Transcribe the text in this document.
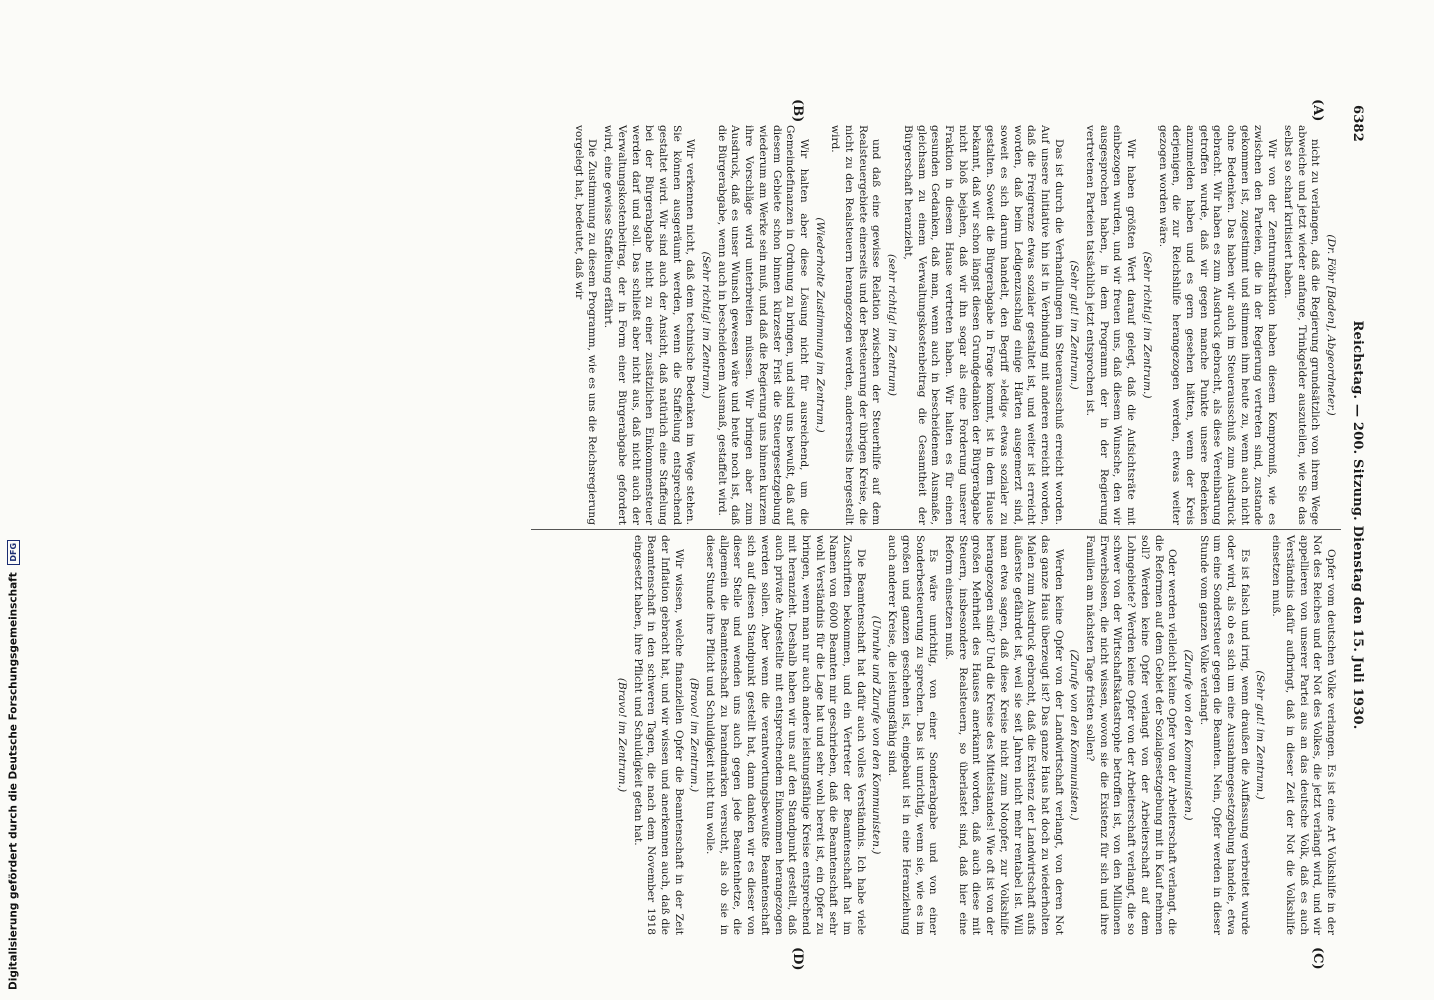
6382
Reichstag. — 200. Sitzung. Dienstag den 15. Juli 1930.
(A)
(B)
(C)
(D)

(Dr. Föhr [Baden], Abgeordneter.)

nicht zu verlangen, daß die Regierung grundsätzlich von ihrem Wege abweiche und jetzt wieder anfange, Trinkgelder auszuteilen, wie Sie das selbst so scharf kritisiert haben.

Wir von der Zentrumsfraktion haben diesem Kompromiß, wie es zwischen den Parteien, die in der Regierung vertreten sind, zustande gekommen ist, zugestimmt und stimmen ihm heute zu, wenn auch nicht ohne Bedenken. Das haben wir auch im Steuerausschuß zum Ausdruck gebracht. Wir haben es zum Ausdruck gebracht, als diese Vereinbarung getroffen wurde, daß wir gegen manche Punkte unsere Bedenken anzumelden haben und es gern gesehen hätten, wenn der Kreis derjenigen, die zur Reichshilfe herangezogen werden, etwas weiter gezogen worden wäre.

(Sehr richtig! im Zentrum.)

Wir haben größten Wert darauf gelegt, daß die Aufsichtsräte mit einbezogen wurden, und wir freuen uns, daß diesem Wunsche, den wir ausgesprochen haben, in dem Programm der in der Regierung vertretenen Parteien tatsächlich jetzt entsprochen ist.

(Sehr gut! im Zentrum.)

Das ist durch die Verhandlungen im Steuerausschuß erreicht worden. Auf unsere Initiative hin ist in Verbindung mit anderen erreicht worden, daß die Freigrenze etwas sozialer gestaltet ist, und weiter ist erreicht worden, daß beim Ledigenzuschlag einige Härten ausgemerzt sind, soweit es sich darum handelt, den Begriff »ledig« etwas sozialer zu gestalten. Soweit die Bürgerabgabe in Frage kommt, ist in dem Hause bekannt, daß wir schon längst diesen Grundgedanken der Bürgerabgabe nicht bloß bejahen, daß wir ihn sogar als eine Forderung unserer Fraktion in diesem Hause vertreten haben. Wir halten es für einen gesunden Gedanken, daß man, wenn auch in bescheidenem Ausmaße, gleichsam zu einem Verwaltungskostenbeitrag die Gesamtheit der Bürgerschaft heranzieht,

(sehr richtig! im Zentrum)

und daß eine gewisse Relation zwischen der Steuerhilfe auf dem Realsteuergebiete einerseits und der Besteuerung der übrigen Kreise, die nicht zu den Realsteuern herangezogen werden, andererseits hergestellt wird.

(Wiederholte Zustimmung im Zentrum.)

Wir halten aber diese Lösung nicht für ausreichend, um die Gemeindefinanzen in Ordnung zu bringen, und sind uns bewußt, daß auf diesem Gebiete schon binnen kürzester Frist die Steuergesetzgebung wiederum am Werke sein muß, und daß die Regierung uns binnen kurzem ihre Vorschläge wird unterbreiten müssen. Wir bringen aber zum Ausdruck, daß es unser Wunsch gewesen wäre und heute noch ist, daß die Bürgerabgabe, wenn auch in bescheidenem Ausmaß, gestaffelt wird.

(Sehr richtig! im Zentrum.)

Wir verkennen nicht, daß dem technische Bedenken im Wege stehen. Sie können ausgeräumt werden, wenn die Staffelung entsprechend gestaltet wird. Wir sind auch der Ansicht, daß natürlich eine Staffelung bei der Bürgerabgabe nicht zu einer zusätzlichen Einkommensteuer werden darf und soll. Das schließt aber nicht aus, daß nicht auch der Verwaltungskostenbeitrag, der in Form einer Bürgerabgabe gefordert wird, eine gewisse Staffelung erfährt.

Die Zustimmung zu diesem Programm, wie es uns die Reichsregierung vorgelegt hat, bedeutet, daß wir

Opfer vom deutschen Volke verlangen. Es ist eine Art Volkshilfe in der Not des Reiches und der Not des Volkes, die jetzt verlangt wird, und wir appellieren von unserer Partei aus an das deutsche Volk, daß es auch Verständnis dafür aufbringt, daß in dieser Zeit der Not die Volkshilfe einsetzen muß.

(Sehr gut! im Zentrum.)

Es ist falsch und irrig, wenn draußen die Auffassung verbreitet wurde oder wird, als ob es sich um eine Ausnahmegesetzgebung handele, etwa um eine Sondersteuer gegen die Beamten. Nein, Opfer werden in dieser Stunde vom ganzen Volke verlangt.

(Zurufe von den Kommunisten.)

Oder werden vielleicht keine Opfer von der Arbeiterschaft verlangt, die die Reformen auf dem Gebiet der Sozialgesetzgebung mit in Kauf nehmen soll? Werden keine Opfer verlangt von der Arbeiterschaft auf dem Lohngebiete? Werden keine Opfer von der Arbeiterschaft verlangt, die so schwer von der Wirtschaftskatastrophe betroffen ist, von den Millionen Erwerbslosen, die nicht wissen, wovon sie die Existenz für sich und ihre Familien am nächsten Tage fristen sollen?

(Zurufe von den Kommunisten.)

Werden keine Opfer von der Landwirtschaft verlangt, von deren Not das ganze Haus überzeugt ist? Das ganze Haus hat doch zu wiederholten Malen zum Ausdruck gebracht, daß die Existenz der Landwirtschaft aufs äußerste gefährdet ist, weil sie seit Jahren nicht mehr rentabel ist. Will man etwa sagen, daß diese Kreise nicht zum Notopfer, zur Volkshilfe herangezogen sind? Und die Kreise des Mittelstandes! Wie oft ist von der großen Mehrheit des Hauses anerkannt worden, daß auch diese mit Steuern, insbesondere Realsteuern, so überlastet sind, daß hier eine Reform einsetzen muß.

Es wäre unrichtig, von einer Sonderabgabe und von einer Sonderbesteuerung zu sprechen. Das ist unrichtig, wenn sie, wie es im großen und ganzen geschehen ist, eingebaut ist in eine Heranziehung auch anderer Kreise, die leistungsfähig sind.

(Unruhe und Zurufe von den Kommunisten.)

Die Beamtenschaft hat dafür auch volles Verständnis. Ich habe viele Zuschriften bekommen, und ein Vertreter der Beamtenschaft hat im Namen von 6000 Beamten mir geschrieben, daß die Beamtenschaft sehr wohl Verständnis für die Lage hat und sehr wohl bereit ist, ein Opfer zu bringen, wenn man nur auch andere leistungsfähige Kreise entsprechend mit heranzieht. Deshalb haben wir uns auf den Standpunkt gestellt, daß auch private Angestellte mit entsprechendem Einkommen herangezogen werden sollen. Aber wenn die verantwortungsbewußte Beamtenschaft sich auf diesen Standpunkt gestellt hat, dann danken wir es dieser von dieser Stelle und wenden uns auch gegen jede Beamtenhetze, die allgemein die Beamtenschaft zu brandmarken versucht, als ob sie in dieser Stunde ihre Pflicht und Schuldigkeit nicht tun wolle.

(Bravo! im Zentrum.)

Wir wissen, welche finanziellen Opfer die Beamtenschaft in der Zeit der Inflation gebracht hat, und wir wissen und anerkennen auch, daß die Beamtenschaft in den schweren Tagen, die nach dem November 1918 eingesetzt haben, ihre Pflicht und Schuldigkeit getan hat.

(Bravo! im Zentrum.)

Digitalisierung gefördert durch die Deutsche Forschungsgemeinschaft DFG
